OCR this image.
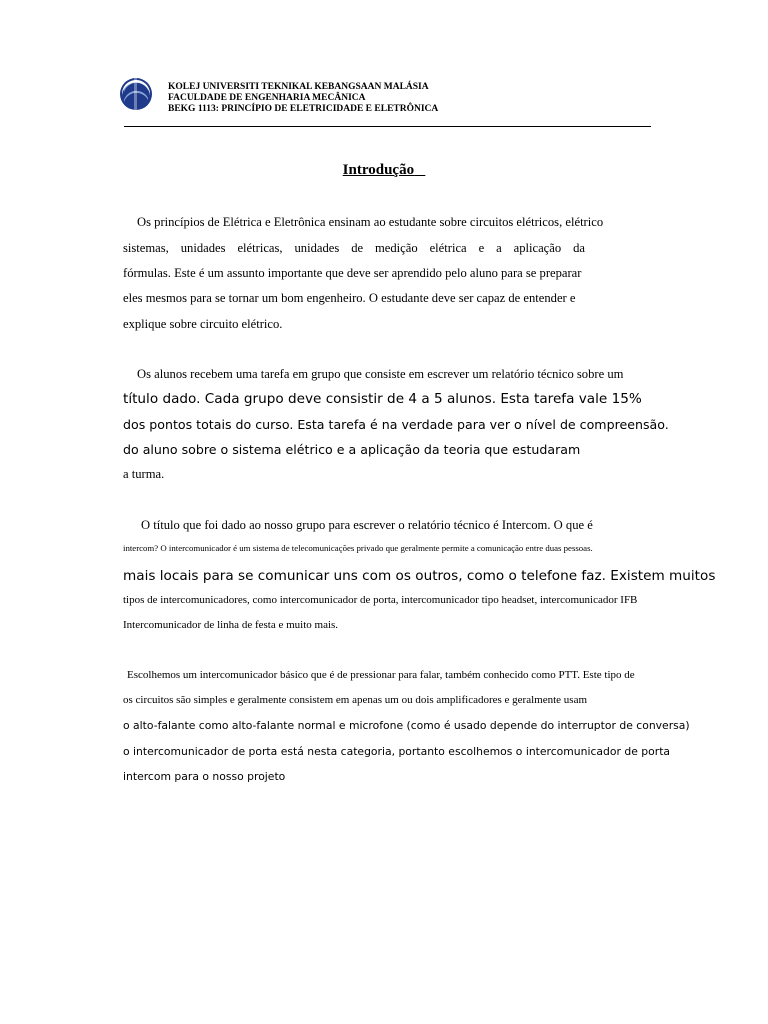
KOLEJ UNIVERSITI TEKNIKAL KEBANGSAAN MALÁSIA
FACULDADE DE ENGENHARIA MECÂNICA
BEKG 1113: PRINCÍPIO DE ELETRICIDADE E ELETRÔNICA
Introdução
Os princípios de Elétrica e Eletrônica ensinam ao estudante sobre circuitos elétricos, elétrico
sistemas, unidades elétricas, unidades de medição elétrica e a aplicação da
fórmulas. Este é um assunto importante que deve ser aprendido pelo aluno para se preparar
eles mesmos para se tornar um bom engenheiro. O estudante deve ser capaz de entender e
explique sobre circuito elétrico.
Os alunos recebem uma tarefa em grupo que consiste em escrever um relatório técnico sobre um
título dado. Cada grupo deve consistir de 4 a 5 alunos. Esta tarefa vale 15%
dos pontos totais do curso. Esta tarefa é na verdade para ver o nível de compreensão.
do aluno sobre o sistema elétrico e a aplicação da teoria que estudaram
a turma.
O título que foi dado ao nosso grupo para escrever o relatório técnico é Intercom. O que é
intercom? O intercomunicador é um sistema de telecomunicações privado que geralmente permite a comunicação entre duas pessoas.
mais locais para se comunicar uns com os outros, como o telefone faz. Existem muitos
tipos de intercomunicadores, como intercomunicador de porta, intercomunicador tipo headset, intercomunicador IFB
Intercomunicador de linha de festa e muito mais.
Escolhemos um intercomunicador básico que é de pressionar para falar, também conhecido como PTT. Este tipo de
os circuitos são simples e geralmente consistem em apenas um ou dois amplificadores e geralmente usam
o alto-falante como alto-falante normal e microfone (como é usado depende do interruptor de conversa)
o intercomunicador de porta está nesta categoria, portanto escolhemos o intercomunicador de porta
intercom para o nosso projeto
